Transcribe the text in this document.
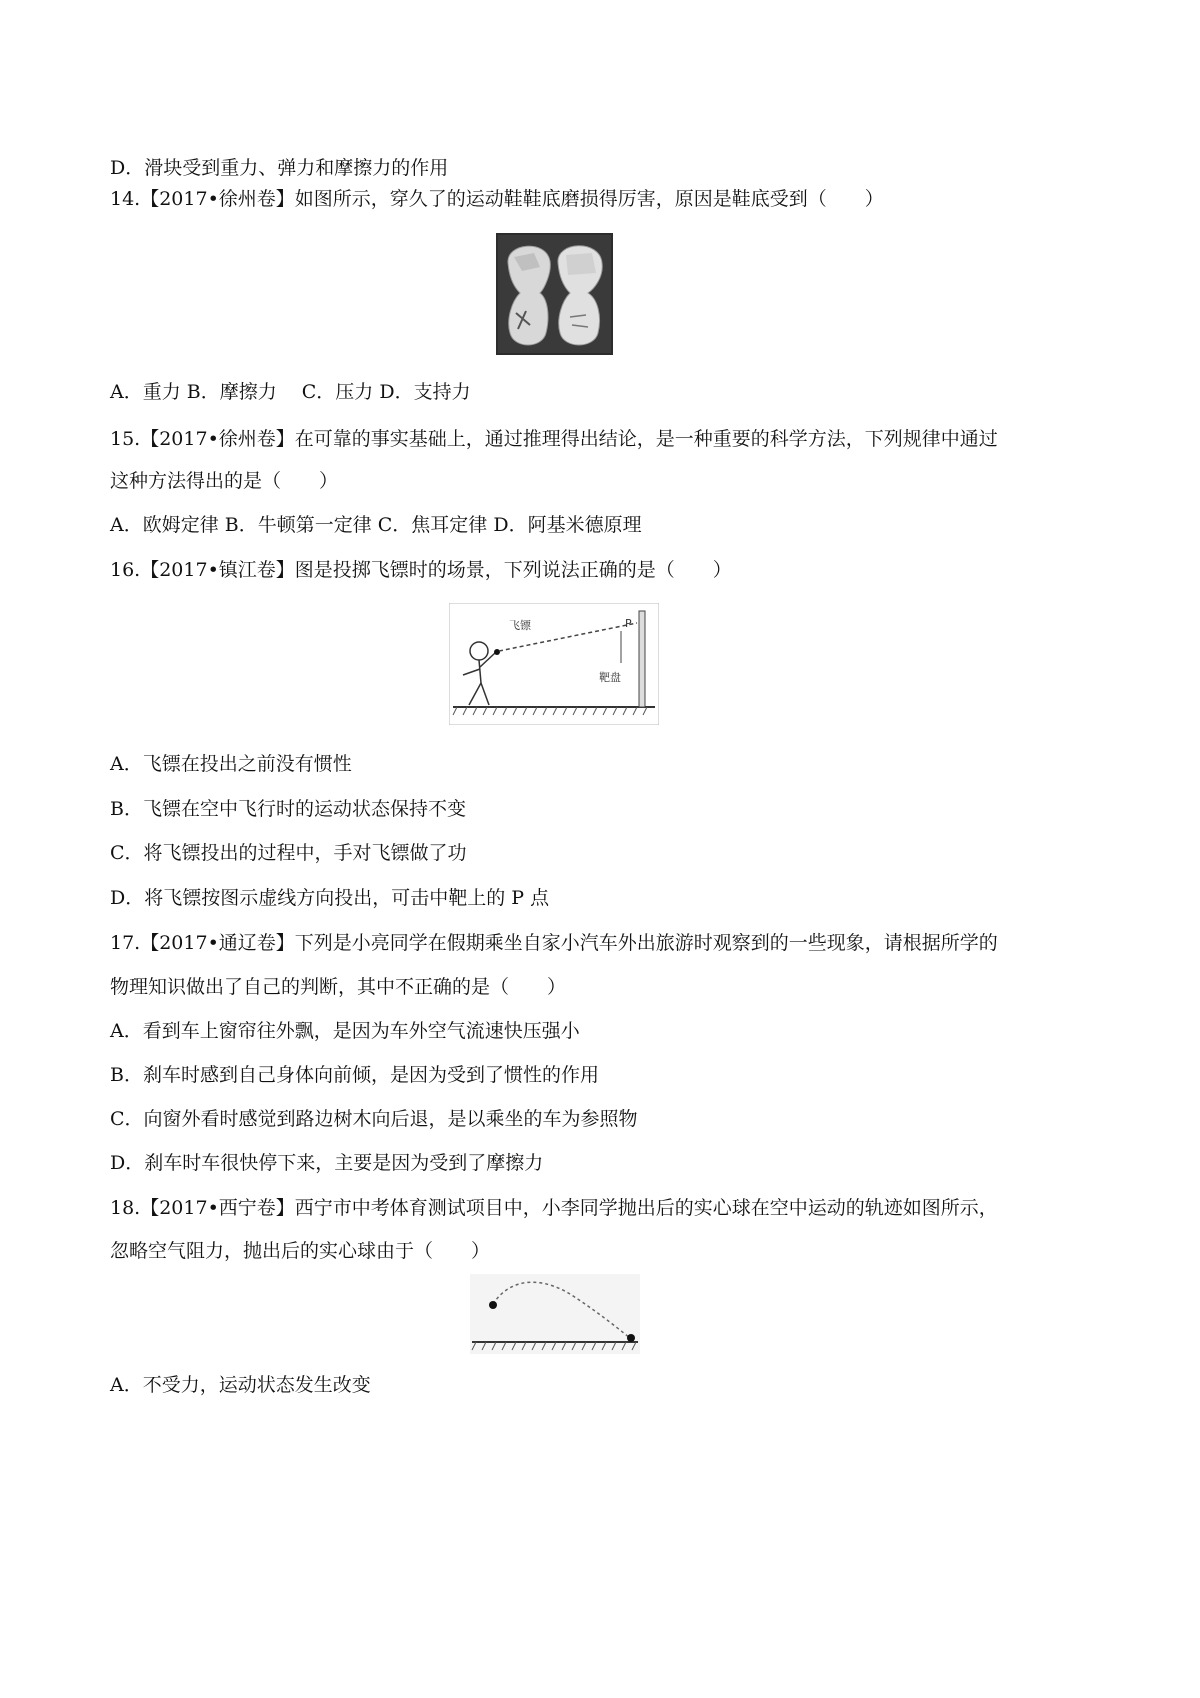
D．滑块受到重力、弹力和摩擦力的作用
14.【2017•徐州卷】如图所示，穿久了的运动鞋鞋底磨损得厉害，原因是鞋底受到（　　）
A．重力 B．摩擦力　 C．压力 D．支持力
15.【2017•徐州卷】在可靠的事实基础上，通过推理得出结论，是一种重要的科学方法，下列规律中通过
这种方法得出的是（　　）
A．欧姆定律 B．牛顿第一定律 C．焦耳定律 D．阿基米德原理
16.【2017•镇江卷】图是投掷飞镖时的场景，下列说法正确的是（　　）
飞镖	P
靶盘
A．飞镖在投出之前没有惯性
B．飞镖在空中飞行时的运动状态保持不变
C．将飞镖投出的过程中，手对飞镖做了功
D．将飞镖按图示虚线方向投出，可击中靶上的 P 点
17.【2017•通辽卷】下列是小亮同学在假期乘坐自家小汽车外出旅游时观察到的一些现象，请根据所学的
物理知识做出了自己的判断，其中不正确的是（　　）
A．看到车上窗帘往外飘，是因为车外空气流速快压强小
B．刹车时感到自己身体向前倾，是因为受到了惯性的作用
C．向窗外看时感觉到路边树木向后退，是以乘坐的车为参照物
D．刹车时车很快停下来，主要是因为受到了摩擦力
18.【2017•西宁卷】西宁市中考体育测试项目中，小李同学抛出后的实心球在空中运动的轨迹如图所示，
忽略空气阻力，抛出后的实心球由于（　　）
A．不受力，运动状态发生改变
